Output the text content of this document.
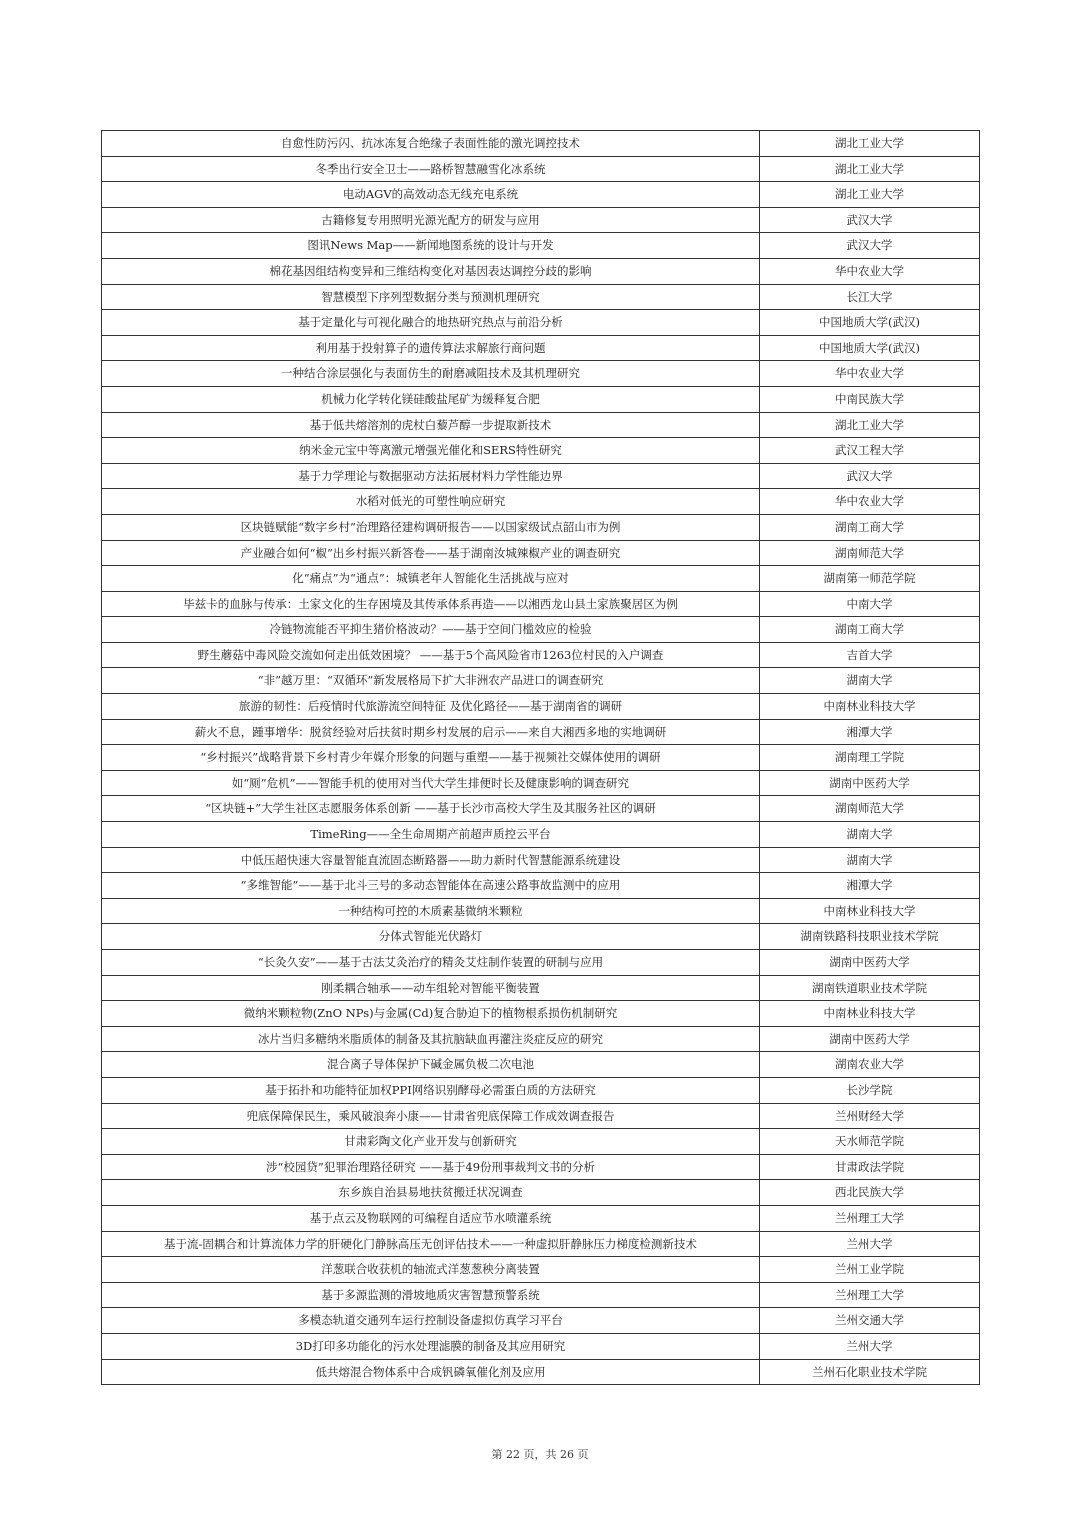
自愈性防污闪、抗冰冻复合绝缘子表面性能的激光调控技术	湖北工业大学
冬季出行安全卫士——路桥智慧融雪化冰系统	湖北工业大学
电动AGV的高效动态无线充电系统	湖北工业大学
古籍修复专用照明光源光配方的研发与应用	武汉大学
图讯News Map——新闻地图系统的设计与开发	武汉大学
棉花基因组结构变异和三维结构变化对基因表达调控分歧的影响	华中农业大学
智慧模型下序列型数据分类与预测机理研究	长江大学
基于定量化与可视化融合的地热研究热点与前沿分析	中国地质大学(武汉)
利用基于投射算子的遗传算法求解旅行商问题	中国地质大学(武汉)
一种结合涂层强化与表面仿生的耐磨减阻技术及其机理研究	华中农业大学
机械力化学转化镁硅酸盐尾矿为缓释复合肥	中南民族大学
基于低共熔溶剂的虎杖白藜芦醇一步提取新技术	湖北工业大学
纳米金元宝中等离激元增强光催化和SERS特性研究	武汉工程大学
基于力学理论与数据驱动方法拓展材料力学性能边界	武汉大学
水稻对低光的可塑性响应研究	华中农业大学
区块链赋能“数字乡村”治理路径建构调研报告——以国家级试点韶山市为例	湖南工商大学
产业融合如何“椒”出乡村振兴新答卷——基于湖南汝城辣椒产业的调查研究	湖南师范大学
化“痛点”为“通点”：城镇老年人智能化生活挑战与应对	湖南第一师范学院
毕兹卡的血脉与传承：土家文化的生存困境及其传承体系再造——以湘西龙山县土家族聚居区为例	中南大学
冷链物流能否平抑生猪价格波动？——基于空间门槛效应的检验	湖南工商大学
野生蘑菇中毒风险交流如何走出低效困境？ ——基于5个高风险省市1263位村民的入户调查	吉首大学
“非”越万里：“双循环”新发展格局下扩大非洲农产品进口的调查研究	湖南大学
旅游的韧性：后疫情时代旅游流空间特征 及优化路径——基于湖南省的调研	中南林业科技大学
薪火不息，踵事增华：脱贫经验对后扶贫时期乡村发展的启示——来自大湘西多地的实地调研	湘潭大学
“乡村振兴”战略背景下乡村青少年媒介形象的问题与重塑——基于视频社交媒体使用的调研	湖南理工学院
如“厕”危机”——智能手机的使用对当代大学生排便时长及健康影响的调查研究	湖南中医药大学
“区块链+”大学生社区志愿服务体系创新 ——基于长沙市高校大学生及其服务社区的调研	湖南师范大学
TimeRing——全生命周期产前超声质控云平台	湖南大学
中低压超快速大容量智能直流固态断路器——助力新时代智慧能源系统建设	湖南大学
“多维智能”——基于北斗三号的多动态智能体在高速公路事故监测中的应用	湘潭大学
一种结构可控的木质素基微纳米颗粒	中南林业科技大学
分体式智能光伏路灯	湖南铁路科技职业技术学院
“长灸久安”——基于古法艾灸治疗的精灸艾炷制作装置的研制与应用	湖南中医药大学
刚柔耦合轴承——动车组轮对智能平衡装置	湖南铁道职业技术学院
微纳米颗粒物(ZnO NPs)与金属(Cd)复合胁迫下的植物根系损伤机制研究	中南林业科技大学
冰片当归多糖纳米脂质体的制备及其抗脑缺血再灌注炎症反应的研究	湖南中医药大学
混合离子导体保护下碱金属负极二次电池	湖南农业大学
基于拓扑和功能特征加权PPI网络识别酵母必需蛋白质的方法研究	长沙学院
兜底保障保民生，乘风破浪奔小康——甘肃省兜底保障工作成效调查报告	兰州财经大学
甘肃彩陶文化产业开发与创新研究	天水师范学院
涉“校园贷”犯罪治理路径研究 ——基于49份刑事裁判文书的分析	甘肃政法学院
东乡族自治县易地扶贫搬迁状况调查	西北民族大学
基于点云及物联网的可编程自适应节水喷灌系统	兰州理工大学
基于流-固耦合和计算流体力学的肝硬化门静脉高压无创评估技术——一种虚拟肝静脉压力梯度检测新技术	兰州大学
洋葱联合收获机的轴流式洋葱葱秧分离装置	兰州工业学院
基于多源监测的滑坡地质灾害智慧预警系统	兰州理工大学
多模态轨道交通列车运行控制设备虚拟仿真学习平台	兰州交通大学
3D打印多功能化的污水处理滤膜的制备及其应用研究	兰州大学
低共熔混合物体系中合成钒磷氧催化剂及应用	兰州石化职业技术学院
第 22 页，共 26 页
